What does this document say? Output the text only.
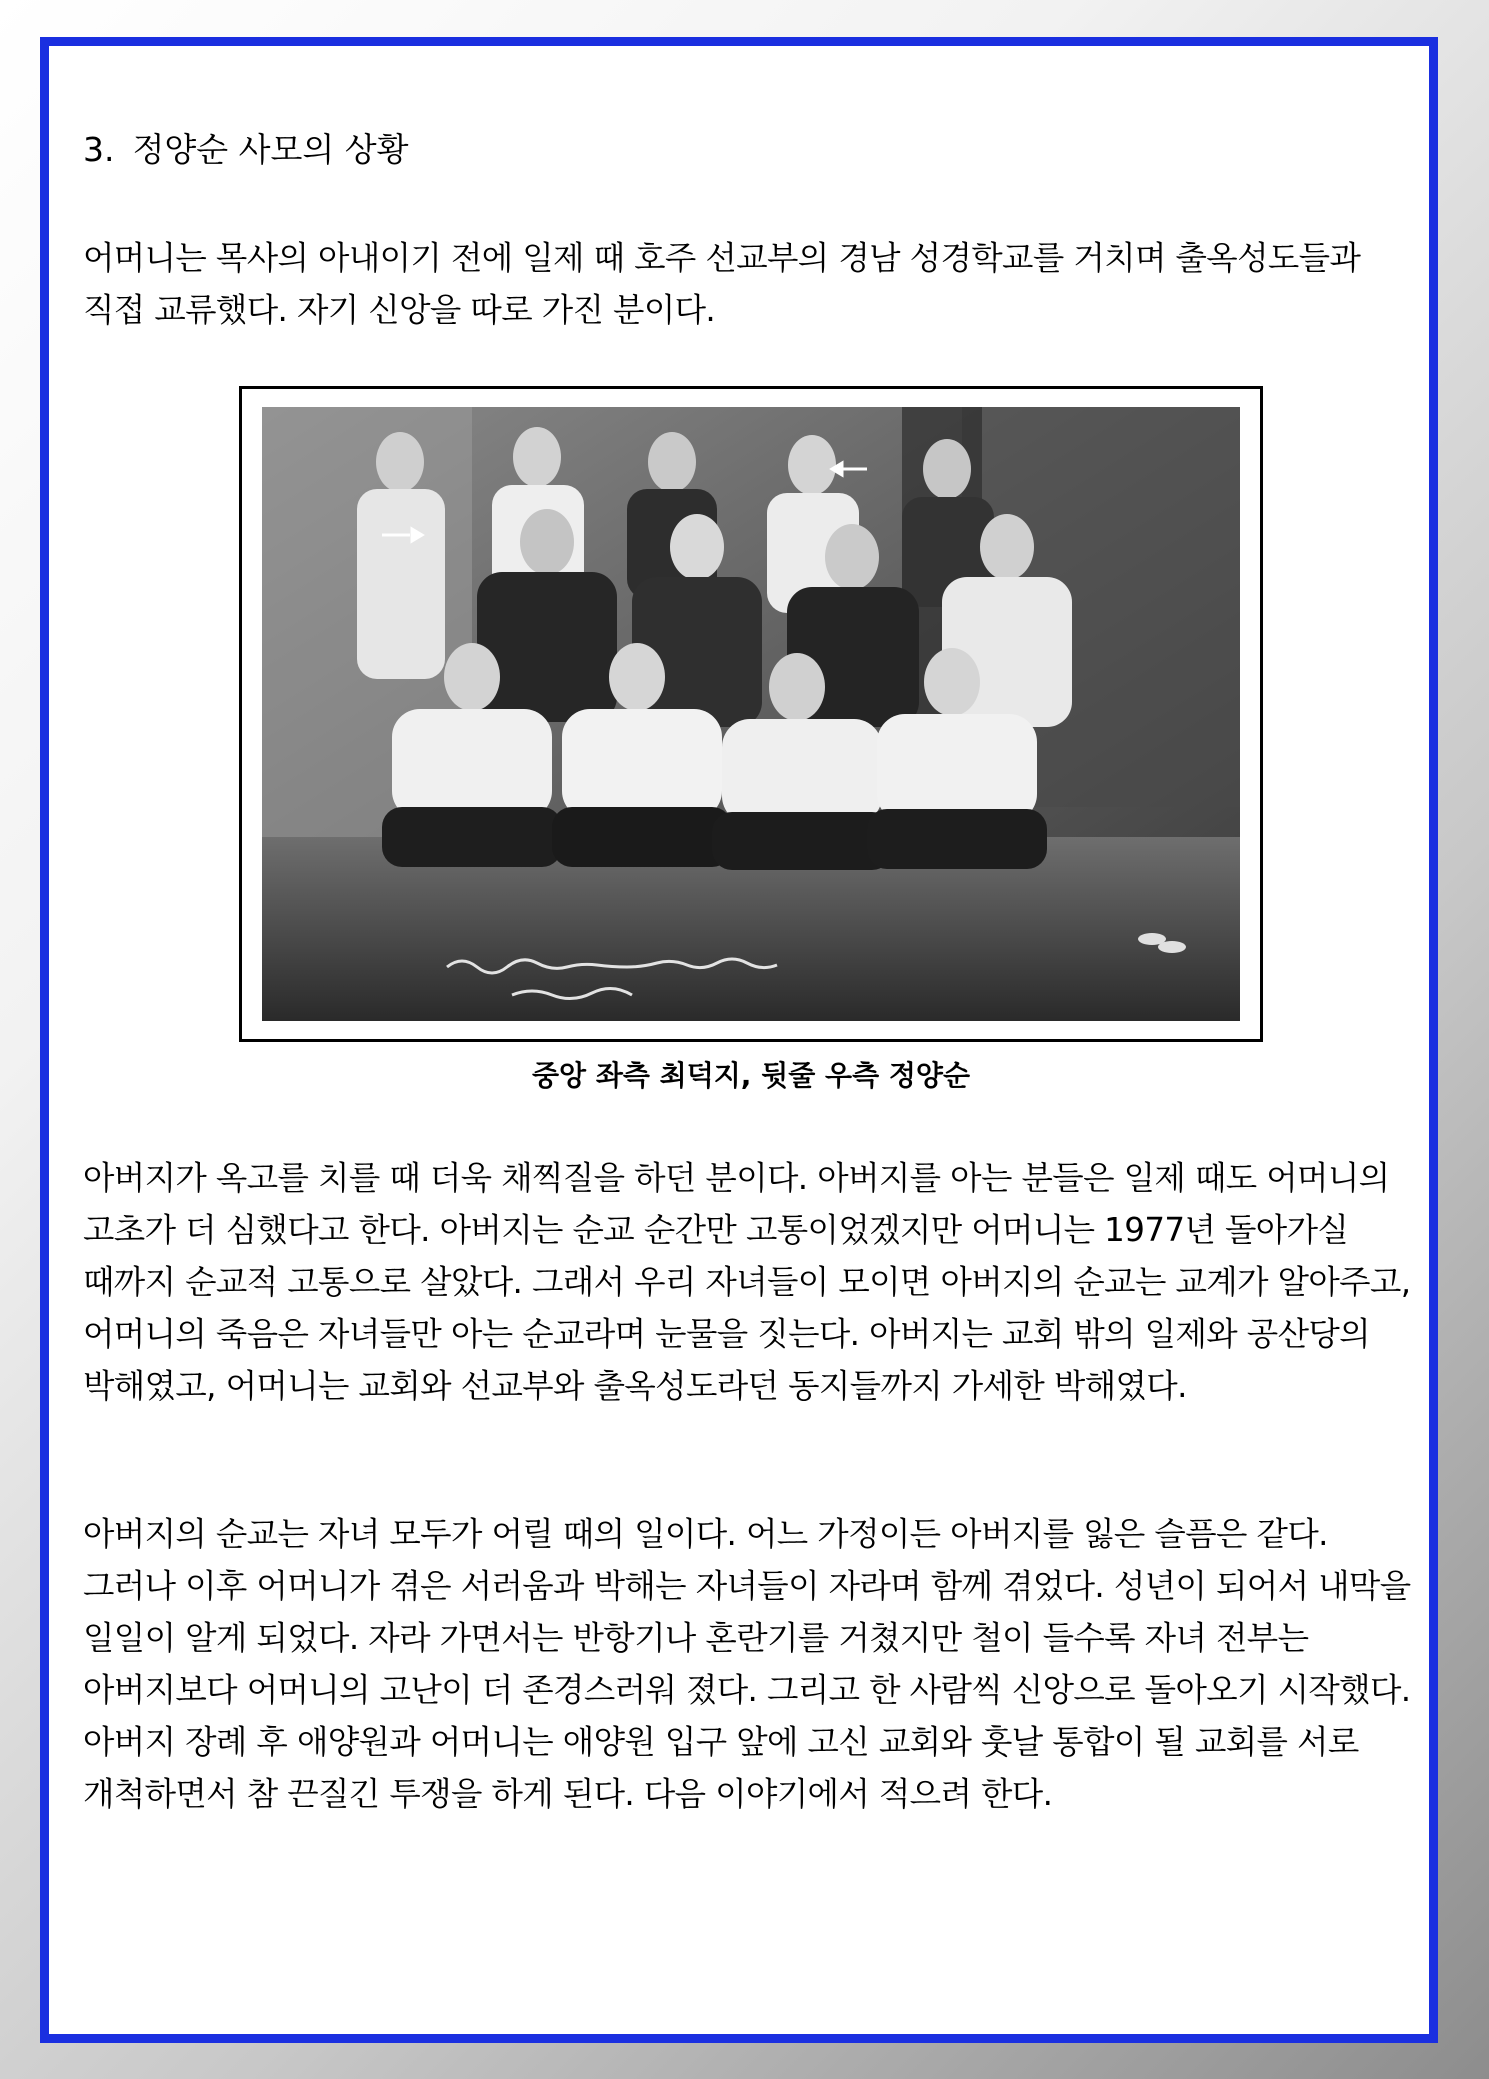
3. 정양순 사모의 상황

어머니는 목사의 아내이기 전에 일제 때 호주 선교부의 경남 성경학교를 거치며 출옥성도들과 직접 교류했다. 자기 신앙을 따로 가진 분이다.

중앙 좌측 최덕지, 뒷줄 우측 정양순

아버지가 옥고를 치를 때 더욱 채찍질을 하던 분이다. 아버지를 아는 분들은 일제 때도 어머니의 고초가 더 심했다고 한다. 아버지는 순교 순간만 고통이었겠지만 어머니는 1977년 돌아가실 때까지 순교적 고통으로 살았다. 그래서 우리 자녀들이 모이면 아버지의 순교는 교계가 알아주고, 어머니의 죽음은 자녀들만 아는 순교라며 눈물을 짓는다. 아버지는 교회 밖의 일제와 공산당의 박해였고, 어머니는 교회와 선교부와 출옥성도라던 동지들까지 가세한 박해였다.

아버지의 순교는 자녀 모두가 어릴 때의 일이다. 어느 가정이든 아버지를 잃은 슬픔은 같다. 그러나 이후 어머니가 겪은 서러움과 박해는 자녀들이 자라며 함께 겪었다. 성년이 되어서 내막을 일일이 알게 되었다. 자라 가면서는 반항기나 혼란기를 거쳤지만 철이 들수록 자녀 전부는 아버지보다 어머니의 고난이 더 존경스러워 졌다. 그리고 한 사람씩 신앙으로 돌아오기 시작했다. 아버지 장례 후 애양원과 어머니는 애양원 입구 앞에 고신 교회와 훗날 통합이 될 교회를 서로 개척하면서 참 끈질긴 투쟁을 하게 된다. 다음 이야기에서 적으려 한다.
